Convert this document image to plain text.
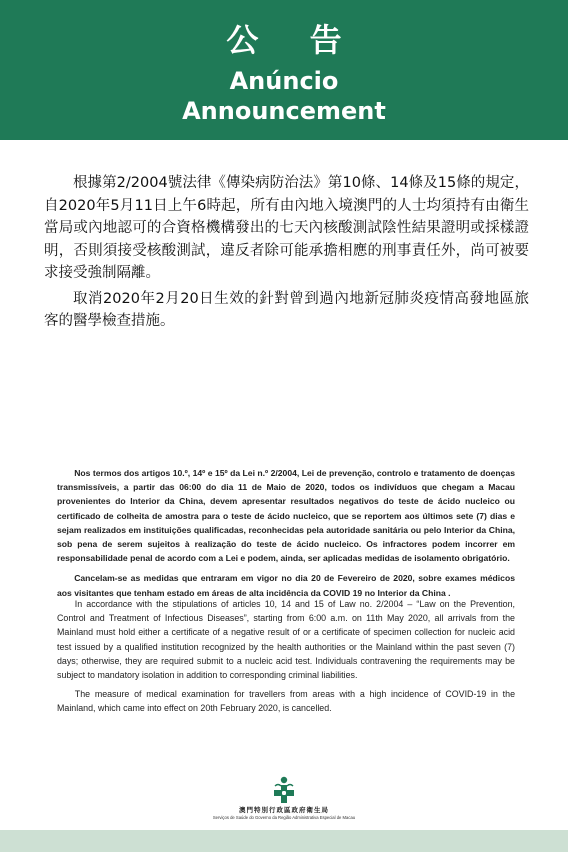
公 告
Anúncio
Announcement

根據第2/2004號法律《傳染病防治法》第10條、14條及15條的規定，自2020年5月11日上午6時起，所有由內地入境澳門的人士均須持有由衛生當局或內地認可的合資格機構發出的七天內核酸測試陰性結果證明或採樣證明，否則須接受核酸測試，違反者除可能承擔相應的刑事責任外，尚可被要求接受強制隔離。

取消2020年2月20日生效的針對曾到過內地新冠肺炎疫情高發地區旅客的醫學檢查措施。

Nos termos dos artigos 10.º, 14º e 15º da Lei n.º 2/2004, Lei de prevenção, controlo e tratamento de doenças transmissíveis, a partir das 06:00 do dia 11 de Maio de 2020, todos os indivíduos que chegam a Macau provenientes do Interior da China, devem apresentar resultados negativos do teste de ácido nucleico ou certificado de colheita de amostra para o teste de ácido nucleico, que se reportem aos últimos sete (7) dias e sejam realizados em instituições qualificadas, reconhecidas pela autoridade sanitária ou pelo Interior da China, sob pena de serem sujeitos à realização do teste de ácido nucleico. Os infractores podem incorrer em responsabilidade penal de acordo com a Lei e podem, ainda, ser aplicadas medidas de isolamento obrigatório.

Cancelam-se as medidas que entraram em vigor no dia 20 de Fevereiro de 2020, sobre exames médicos aos visitantes que tenham estado em áreas de alta incidência da COVID 19 no Interior da China .

In accordance with the stipulations of articles 10, 14 and 15 of Law no. 2/2004 – “Law on the Prevention, Control and Treatment of Infectious Diseases”, starting from 6:00 a.m. on 11th May 2020, all arrivals from the Mainland must hold either a certificate of a negative result of or a certificate of specimen collection for nucleic acid test issued by a qualified institution recognized by the health authorities or the Mainland within the past seven (7) days; otherwise, they are required submit to a nucleic acid test. Individuals contravening the requirements may be subject to mandatory isolation in addition to corresponding criminal liabilities.

The measure of medical examination for travellers from areas with a high incidence of COVID-19 in the Mainland, which came into effect on 20th February 2020, is cancelled.

澳門特別行政區政府衛生局
Serviços de Saúde do Governo da Região Administrativa Especial de Macau
